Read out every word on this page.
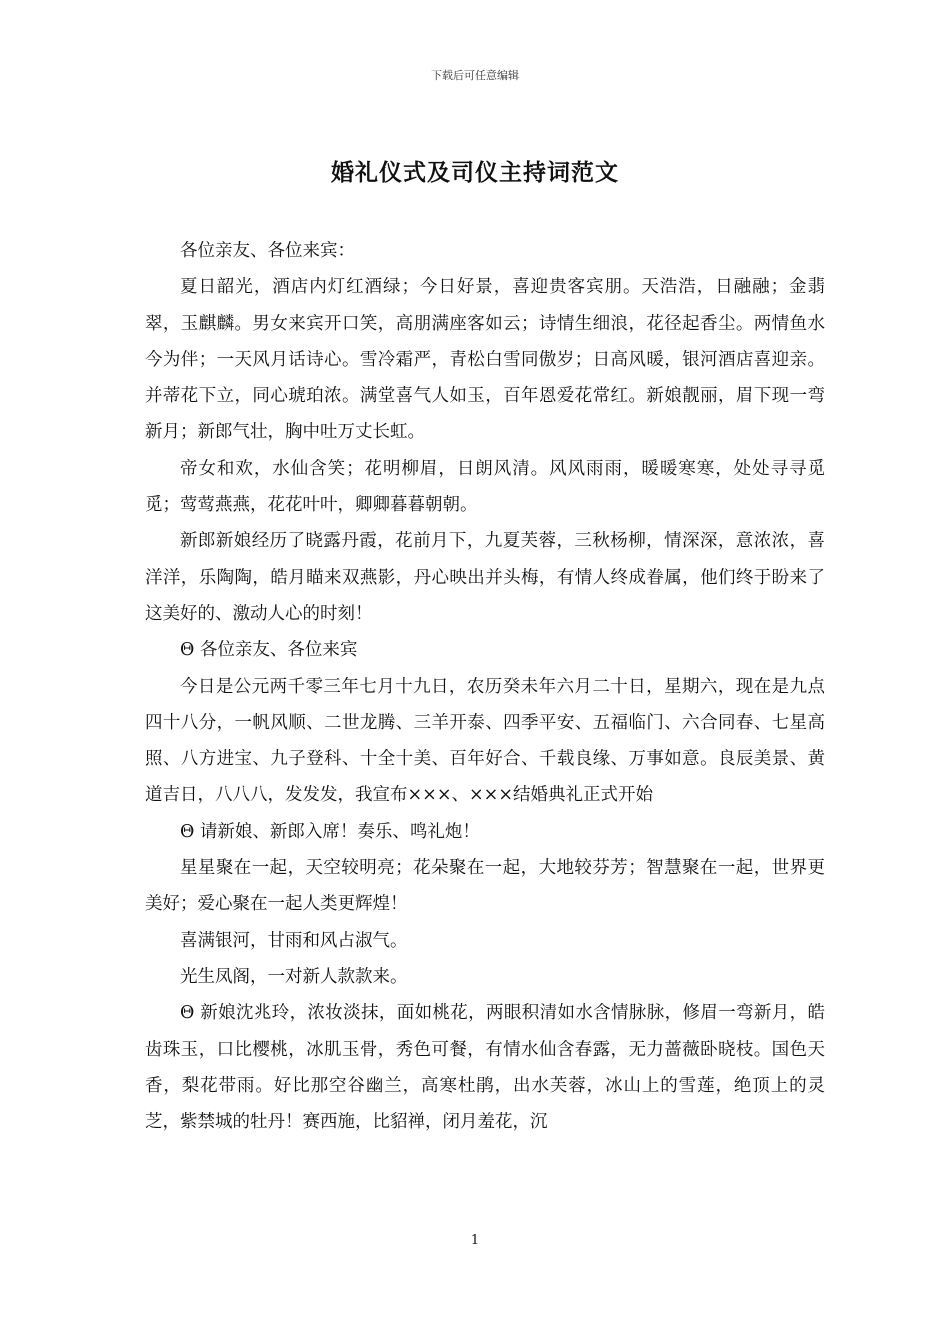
下载后可任意编辑
婚礼仪式及司仪主持词范文

各位亲友、各位来宾：

夏日韶光，酒店内灯红酒绿；今日好景，喜迎贵客宾朋。天浩浩，日融融；金翡翠，玉麒麟。男女来宾开口笑，高朋满座客如云；诗情生细浪，花径起香尘。两情鱼水今为伴；一天风月话诗心。雪冷霜严，青松白雪同傲岁；日高风暖，银河酒店喜迎亲。并蒂花下立，同心琥珀浓。满堂喜气人如玉，百年恩爱花常红。新娘靓丽，眉下现一弯新月；新郎气壮，胸中吐万丈长虹。

帝女和欢，水仙含笑；花明柳眉，日朗风清。风风雨雨，暖暖寒寒，处处寻寻觅觅；莺莺燕燕，花花叶叶，卿卿暮暮朝朝。

新郎新娘经历了晓露丹霞，花前月下，九夏芙蓉，三秋杨柳，情深深，意浓浓，喜洋洋，乐陶陶，皓月瞄来双燕影，丹心映出并头梅，有情人终成眷属，他们终于盼来了这美好的、激动人心的时刻！

Θ 各位亲友、各位来宾

今日是公元两千零三年七月十九日，农历癸未年六月二十日，星期六，现在是九点四十八分，一帆风顺、二世龙腾、三羊开泰、四季平安、五福临门、六合同春、七星高照、八方进宝、九子登科、十全十美、百年好合、千载良缘、万事如意。良辰美景、黄道吉日，八八八，发发发，我宣布×××、×××结婚典礼正式开始

Θ 请新娘、新郎入席！奏乐、鸣礼炮！

星星聚在一起，天空较明亮；花朵聚在一起，大地较芬芳；智慧聚在一起，世界更美好；爱心聚在一起人类更辉煌！

喜满银河，甘雨和风占淑气。

光生凤阁，一对新人款款来。

Θ 新娘沈兆玲，浓妆淡抹，面如桃花，两眼积清如水含情脉脉，修眉一弯新月，皓齿珠玉，口比樱桃，冰肌玉骨，秀色可餐，有情水仙含春露，无力蔷薇卧晓枝。国色天香，梨花带雨。好比那空谷幽兰，高寒杜鹃，出水芙蓉，冰山上的雪莲，绝顶上的灵芝，紫禁城的牡丹！赛西施，比貂禅，闭月羞花，沉

1
